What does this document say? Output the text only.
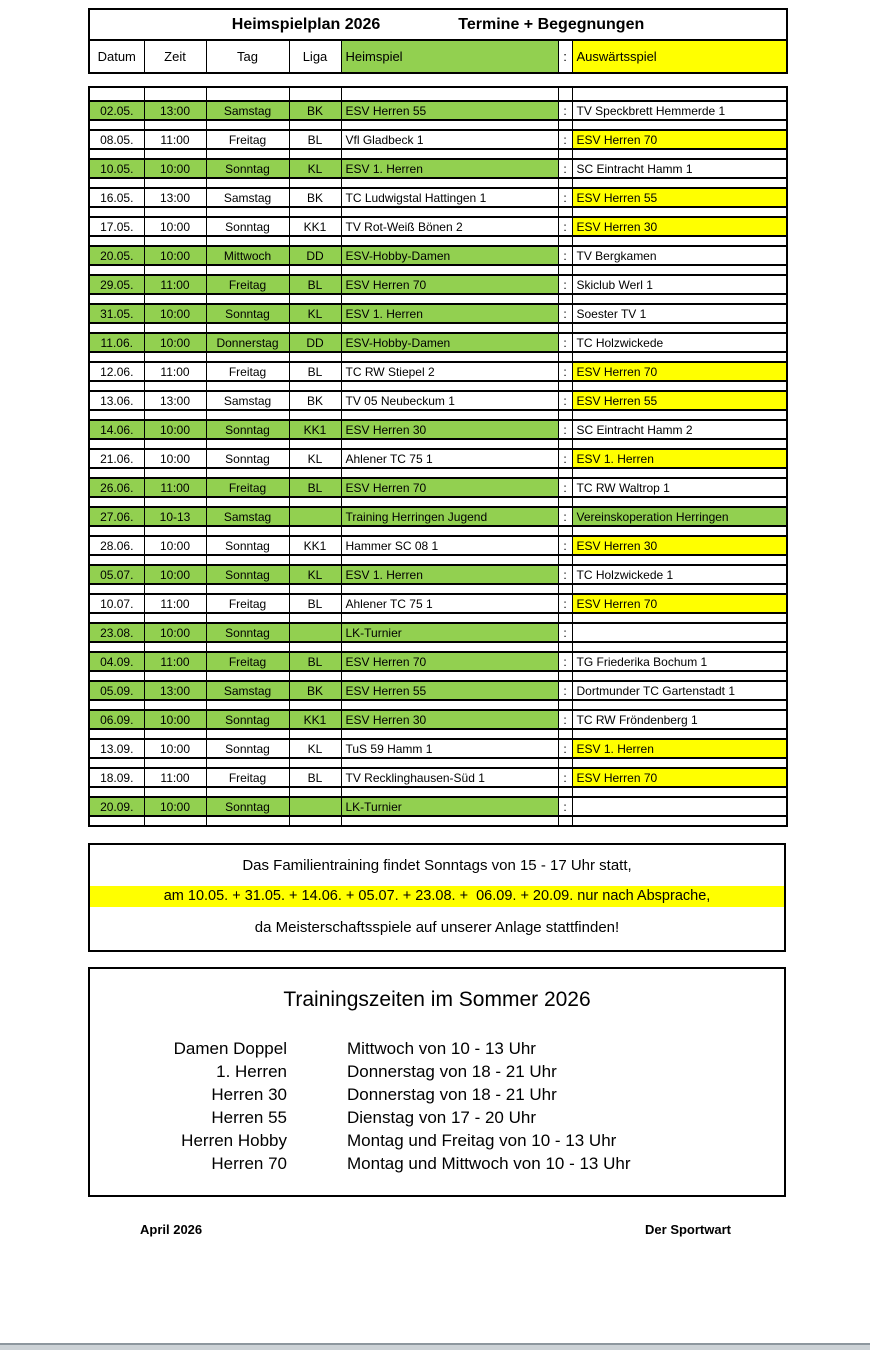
Heimspielplan 2026	Termine + Begegnungen

Datum	Zeit	Tag	Liga	Heimspiel	:	Auswärtsspiel

02.05.	13:00	Samstag	BK	ESV Herren 55	:	TV Speckbrett Hemmerde 1

08.05.	11:00	Freitag	BL	Vfl Gladbeck 1	:	ESV Herren 70

10.05.	10:00	Sonntag	KL	ESV 1. Herren	:	SC Eintracht Hamm 1

16.05.	13:00	Samstag	BK	TC Ludwigstal Hattingen 1	:	ESV Herren 55

17.05.	10:00	Sonntag	KK1	TV Rot-Weiß Bönen 2	:	ESV Herren 30

20.05.	10:00	Mittwoch	DD	ESV-Hobby-Damen	:	TV Bergkamen

29.05.	11:00	Freitag	BL	ESV Herren 70	:	Skiclub Werl 1

31.05.	10:00	Sonntag	KL	ESV 1. Herren	:	Soester TV 1

11.06.	10:00	Donnerstag	DD	ESV-Hobby-Damen	:	TC Holzwickede

12.06.	11:00	Freitag	BL	TC RW Stiepel 2	:	ESV Herren 70

13.06.	13:00	Samstag	BK	TV 05 Neubeckum 1	:	ESV Herren 55

14.06.	10:00	Sonntag	KK1	ESV Herren 30	:	SC Eintracht Hamm 2

21.06.	10:00	Sonntag	KL	Ahlener TC 75 1	:	ESV 1. Herren

26.06.	11:00	Freitag	BL	ESV Herren 70	:	TC RW Waltrop 1

27.06.	10-13	Samstag		Training Herringen Jugend	:	Vereinskoperation Herringen

28.06.	10:00	Sonntag	KK1	Hammer SC 08 1	:	ESV Herren 30

05.07.	10:00	Sonntag	KL	ESV 1. Herren	:	TC Holzwickede 1

10.07.	11:00	Freitag	BL	Ahlener TC 75 1	:	ESV Herren 70

23.08.	10:00	Sonntag		LK-Turnier	:	

04.09.	11:00	Freitag	BL	ESV Herren 70	:	TG Friederika Bochum 1

05.09.	13:00	Samstag	BK	ESV Herren 55	:	Dortmunder TC Gartenstadt 1

06.09.	10:00	Sonntag	KK1	ESV Herren 30	:	TC RW Fröndenberg 1

13.09.	10:00	Sonntag	KL	TuS 59 Hamm 1	:	ESV 1. Herren

18.09.	11:00	Freitag	BL	TV Recklinghausen-Süd 1	:	ESV Herren 70

20.09.	10:00	Sonntag		LK-Turnier	:	

Das Familientraining findet Sonntags von 15 - 17 Uhr statt,
am 10.05. + 31.05. + 14.06. + 05.07. + 23.08. +  06.09. + 20.09. nur nach Absprache,
da Meisterschaftsspiele auf unserer Anlage stattfinden!
Trainingszeiten im Sommer 2026
Damen Doppel	Mittwoch von 10 - 13 Uhr
1. Herren	Donnerstag von 18 - 21 Uhr
Herren 30	Donnerstag von 18 - 21 Uhr
Herren 55	Dienstag von 17 - 20 Uhr
Herren Hobby	Montag und Freitag von 10 - 13 Uhr
Herren 70	Montag und Mittwoch von 10 - 13 Uhr
April 2026	Der Sportwart
